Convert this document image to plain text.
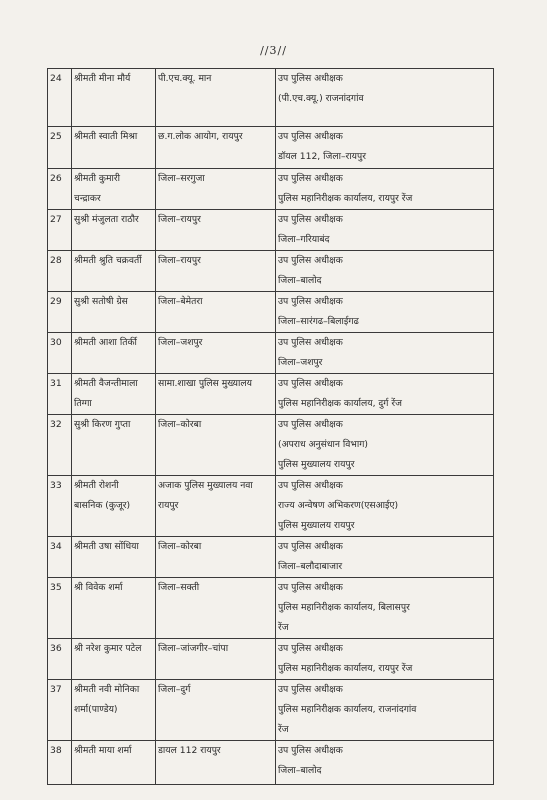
//3//
24	श्रीमती मीना मौर्य	पी.एच.क्यू. मान	उप पुलिस अधीक्षक
(पी.एच.क्यू.) राजनांदगांव

25	श्रीमती स्वाती मिश्रा	छ.ग.लोक आयोग, रायपुर	उप पुलिस अधीक्षक
डॉयल 112, जिला–रायपुर

26	श्रीमती कुमारी
चन्द्राकर	जिला–सरगुजा	उप पुलिस अधीक्षक
पुलिस महानिरीक्षक कार्यालय, रायपुर रेंज

27	सुश्री मंजुलता राठौर	जिला–रायपुर	उप पुलिस अधीक्षक
जिला–गरियाबंद

28	श्रीमती श्रुति चक्रवर्ती	जिला–रायपुर	उप पुलिस अधीक्षक
जिला–बालोद

29	सुश्री सतोषी ग्रेस	जिला–बेमेतरा	उप पुलिस अधीक्षक
जिला–सारंगढ–बिलाईगढ

30	श्रीमती आशा तिर्की	जिला–जशपुर	उप पुलिस अधीक्षक
जिला–जशपुर

31	श्रीमती वैजन्तीमाला
तिग्गा	सामा.शाखा पुलिस मुख्यालय	उप पुलिस अधीक्षक
पुलिस महानिरीक्षक कार्यालय, दुर्ग रेंज

32	सुश्री किरण गुप्ता	जिला–कोरबा	उप पुलिस अधीक्षक
(अपराध अनुसंधान विभाग)
पुलिस मुख्यालय रायपुर

33	श्रीमती रोशनी
बासनिक (कुजूर)	अजाक पुलिस मुख्यालय नवा
रायपुर	उप पुलिस अधीक्षक
राज्य अन्वेषण अभिकरण(एसआईए)
पुलिस मुख्यालय रायपुर

34	श्रीमती उषा सोंधिया	जिला–कोरबा	उप पुलिस अधीक्षक
जिला–बलौदाबाजार

35	श्री विवेक शर्मा	जिला–सक्ती	उप पुलिस अधीक्षक
पुलिस महानिरीक्षक कार्यालय, बिलासपुर
रेंज

36	श्री नरेश कुमार पटेल	जिला–जांजगीर–चांपा	उप पुलिस अधीक्षक
पुलिस महानिरीक्षक कार्यालय, रायपुर रेंज

37	श्रीमती नवी मोनिका
शर्मा(पाण्डेय)	जिला–दुर्ग	उप पुलिस अधीक्षक
पुलिस महानिरीक्षक कार्यालय, राजनांदगांव
रेंज

38	श्रीमती माया शर्मा	डायल 112 रायपुर	उप पुलिस अधीक्षक
जिला–बालोद
